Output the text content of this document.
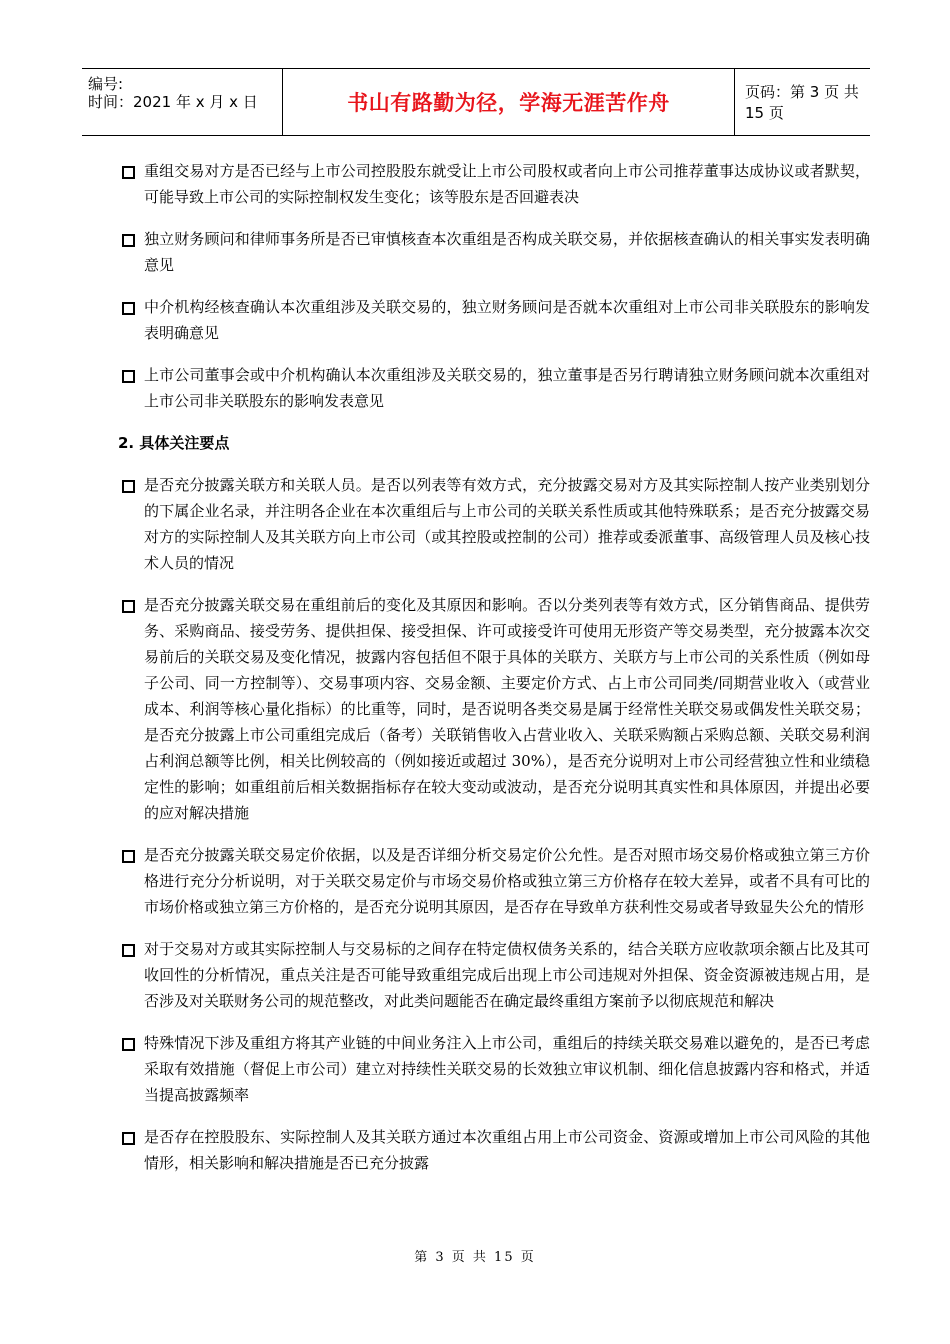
编号:
时间：2021 年 x 月 x 日	书山有路勤为径，学海无涯苦作舟	页码：第 3 页 共 15 页
重组交易对方是否已经与上市公司控股股东就受让上市公司股权或者向上市公司推荐董事达成协议或者默契，可能导致上市公司的实际控制权发生变化；该等股东是否回避表决
独立财务顾问和律师事务所是否已审慎核查本次重组是否构成关联交易，并依据核查确认的相关事实发表明确意见
中介机构经核查确认本次重组涉及关联交易的，独立财务顾问是否就本次重组对上市公司非关联股东的影响发表明确意见
上市公司董事会或中介机构确认本次重组涉及关联交易的，独立董事是否另行聘请独立财务顾问就本次重组对上市公司非关联股东的影响发表意见
2. 具体关注要点
是否充分披露关联方和关联人员。是否以列表等有效方式，充分披露交易对方及其实际控制人按产业类别划分的下属企业名录，并注明各企业在本次重组后与上市公司的关联关系性质或其他特殊联系；是否充分披露交易对方的实际控制人及其关联方向上市公司（或其控股或控制的公司）推荐或委派董事、高级管理人员及核心技术人员的情况
是否充分披露关联交易在重组前后的变化及其原因和影响。否以分类列表等有效方式，区分销售商品、提供劳务、采购商品、接受劳务、提供担保、接受担保、许可或接受许可使用无形资产等交易类型，充分披露本次交易前后的关联交易及变化情况，披露内容包括但不限于具体的关联方、关联方与上市公司的关系性质（例如母子公司、同一方控制等）、交易事项内容、交易金额、主要定价方式、占上市公司同类/同期营业收入（或营业成本、利润等核心量化指标）的比重等，同时，是否说明各类交易是属于经常性关联交易或偶发性关联交易；是否充分披露上市公司重组完成后（备考）关联销售收入占营业收入、关联采购额占采购总额、关联交易利润占利润总额等比例，相关比例较高的（例如接近或超过 30%），是否充分说明对上市公司经营独立性和业绩稳定性的影响；如重组前后相关数据指标存在较大变动或波动，是否充分说明其真实性和具体原因，并提出必要的应对解决措施
是否充分披露关联交易定价依据，以及是否详细分析交易定价公允性。是否对照市场交易价格或独立第三方价格进行充分分析说明，对于关联交易定价与市场交易价格或独立第三方价格存在较大差异，或者不具有可比的市场价格或独立第三方价格的，是否充分说明其原因，是否存在导致单方获利性交易或者导致显失公允的情形
对于交易对方或其实际控制人与交易标的之间存在特定债权债务关系的，结合关联方应收款项余额占比及其可收回性的分析情况，重点关注是否可能导致重组完成后出现上市公司违规对外担保、资金资源被违规占用，是否涉及对关联财务公司的规范整改，对此类问题能否在确定最终重组方案前予以彻底规范和解决
特殊情况下涉及重组方将其产业链的中间业务注入上市公司，重组后的持续关联交易难以避免的，是否已考虑采取有效措施（督促上市公司）建立对持续性关联交易的长效独立审议机制、细化信息披露内容和格式，并适当提高披露频率
是否存在控股股东、实际控制人及其关联方通过本次重组占用上市公司资金、资源或增加上市公司风险的其他情形，相关影响和解决措施是否已充分披露
第 3 页 共 15 页
